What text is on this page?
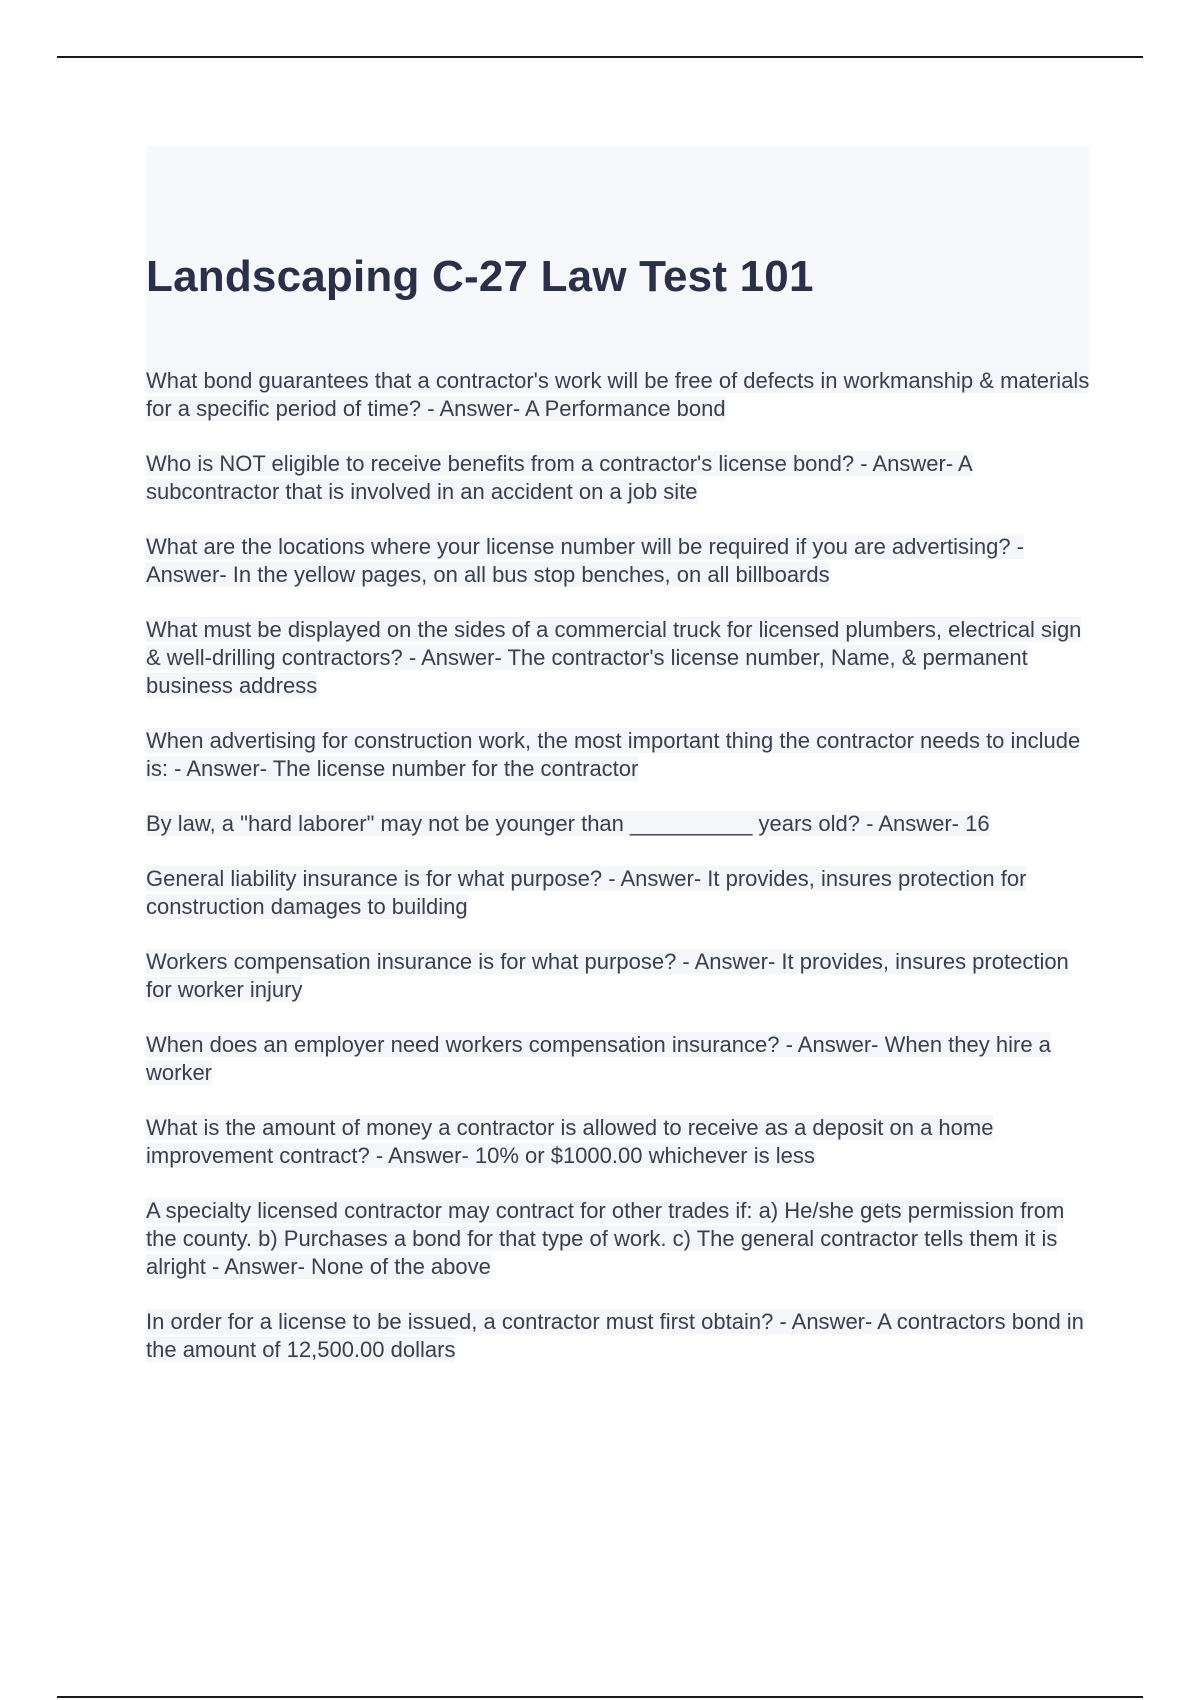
Landscaping C-27 Law Test 101
What bond guarantees that a contractor's work will be free of defects in workmanship & materials for a specific period of time? - Answer- A Performance bond
Who is NOT eligible to receive benefits from a contractor's license bond? - Answer- A subcontractor that is involved in an accident on a job site
What are the locations where your license number will be required if you are advertising? - Answer- In the yellow pages, on all bus stop benches, on all billboards
What must be displayed on the sides of a commercial truck for licensed plumbers, electrical sign & well-drilling contractors? - Answer- The contractor's license number, Name, & permanent business address
When advertising for construction work, the most important thing the contractor needs to include is: - Answer- The license number for the contractor
By law, a "hard laborer" may not be younger than __________ years old? - Answer- 16
General liability insurance is for what purpose? - Answer- It provides, insures protection for construction damages to building
Workers compensation insurance is for what purpose? - Answer- It provides, insures protection for worker injury
When does an employer need workers compensation insurance? - Answer- When they hire a worker
What is the amount of money a contractor is allowed to receive as a deposit on a home improvement contract? - Answer- 10% or $1000.00 whichever is less
A specialty licensed contractor may contract for other trades if: a) He/she gets permission from the county. b) Purchases a bond for that type of work. c) The general contractor tells them it is alright - Answer- None of the above
In order for a license to be issued, a contractor must first obtain? - Answer- A contractors bond in the amount of 12,500.00 dollars
